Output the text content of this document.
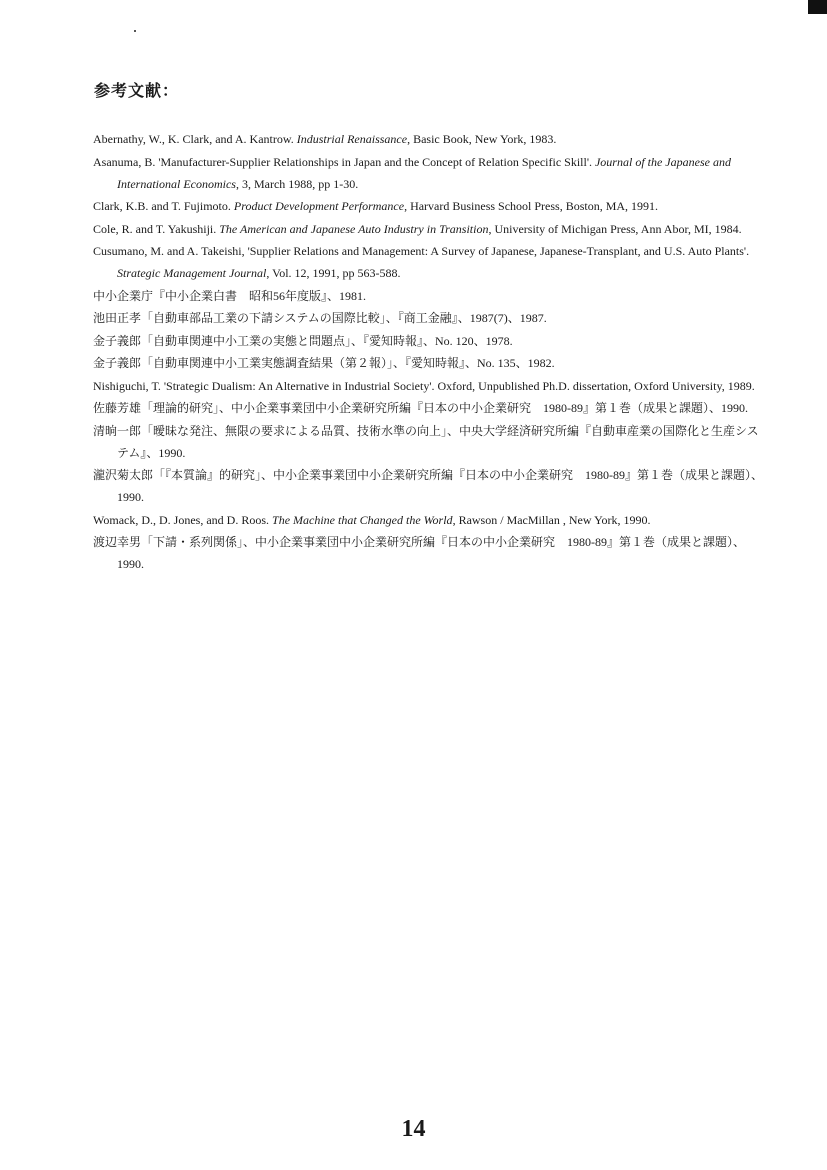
参考文献：

Abernathy, W., K. Clark, and A. Kantrow. Industrial Renaissance, Basic Book, New York, 1983.

Asanuma, B. 'Manufacturer-Supplier Relationships in Japan and the Concept of Relation Specific Skill'. Journal of the Japanese and International Economics, 3, March 1988, pp 1-30.

Clark, K.B. and T. Fujimoto. Product Development Performance, Harvard Business School Press, Boston, MA, 1991.

Cole, R. and T. Yakushiji. The American and Japanese Auto Industry in Transition, University of Michigan Press, Ann Abor, MI, 1984.

Cusumano, M. and A. Takeishi, 'Supplier Relations and Management: A Survey of Japanese, Japanese-Transplant, and U.S. Auto Plants'. Strategic Management Journal, Vol. 12, 1991, pp 563-588.

中小企業庁『中小企業白書　昭和56年度版』、1981.

池田正孝「自動車部品工業の下請システムの国際比較」、『商工金融』、1987(7)、1987.

金子義郎「自動車関連中小工業の実態と問題点」、『愛知時報』、No. 120、1978.

金子義郎「自動車関連中小工業実態調査結果（第２報）」、『愛知時報』、No. 135、1982.

Nishiguchi, T. 'Strategic Dualism: An Alternative in Industrial Society'. Oxford, Unpublished Ph.D. dissertation, Oxford University, 1989.

佐藤芳雄「理論的研究」、中小企業事業団中小企業研究所編『日本の中小企業研究　1980-89』第１巻（成果と課題）、1990.

清晌一郎「曖昧な発注、無限の要求による品質、技術水準の向上」、中央大学経済研究所編『自動車産業の国際化と生産システム』、1990.

瀧沢菊太郎「『本質論』的研究」、中小企業事業団中小企業研究所編『日本の中小企業研究　1980-89』第１巻（成果と課題）、1990.

Womack, D., D. Jones, and D. Roos. The Machine that Changed the World, Rawson / MacMillan , New York, 1990.

渡辺幸男「下請・系列関係」、中小企業事業団中小企業研究所編『日本の中小企業研究　1980-89』第１巻（成果と課題）、1990.

14
